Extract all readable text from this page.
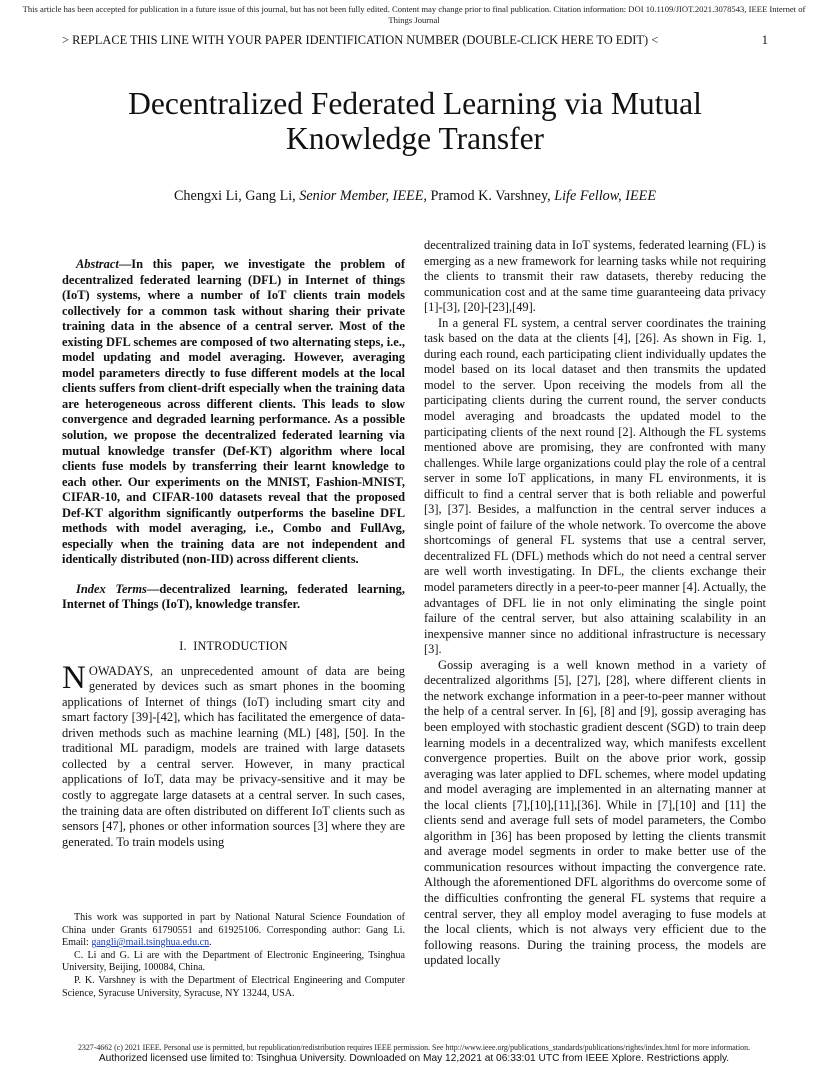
This article has been accepted for publication in a future issue of this journal, but has not been fully edited. Content may change prior to final publication. Citation information: DOI 10.1109/JIOT.2021.3078543, IEEE Internet of
Things Journal
> REPLACE THIS LINE WITH YOUR PAPER IDENTIFICATION NUMBER (DOUBLE-CLICK HERE TO EDIT) <	1
Decentralized Federated Learning via Mutual
Knowledge Transfer
Chengxi Li, Gang Li, Senior Member, IEEE, Pramod K. Varshney, Life Fellow, IEEE

Abstract—In this paper, we investigate the problem of decentralized federated learning (DFL) in Internet of things (IoT) systems, where a number of IoT clients train models collectively for a common task without sharing their private training data in the absence of a central server. Most of the existing DFL schemes are composed of two alternating steps, i.e., model updating and model averaging. However, averaging model parameters directly to fuse different models at the local clients suffers from client-drift especially when the training data are heterogeneous across different clients. This leads to slow convergence and degraded learning performance. As a possible solution, we propose the decentralized federated learning via mutual knowledge transfer (Def-KT) algorithm where local clients fuse models by transferring their learnt knowledge to each other. Our experiments on the MNIST, Fashion-MNIST, CIFAR-10, and CIFAR-100 datasets reveal that the proposed Def-KT algorithm significantly outperforms the baseline DFL methods with model averaging, i.e., Combo and FullAvg, especially when the training data are not independent and identically distributed (non-IID) across different clients.

Index Terms—decentralized learning, federated learning, Internet of Things (IoT), knowledge transfer.

I. INTRODUCTION

NOWADAYS, an unprecedented amount of data are being generated by devices such as smart phones in the booming applications of Internet of things (IoT) including smart city and smart factory [39]-[42], which has facilitated the emergence of data-driven methods such as machine learning (ML) [48], [50]. In the traditional ML paradigm, models are trained with large datasets collected by a central server. However, in many practical applications of IoT, data may be privacy-sensitive and it may be costly to aggregate large datasets at a central server. In such cases, the training data are often distributed on different IoT clients such as sensors [47], phones or other information sources [3] where they are generated. To train models using

This work was supported in part by National Natural Science Foundation of China under Grants 61790551 and 61925106. Corresponding author: Gang Li. Email: gangli@mail.tsinghua.edu.cn.

C. Li and G. Li are with the Department of Electronic Engineering, Tsinghua University, Beijing, 100084, China.

P. K. Varshney is with the Department of Electrical Engineering and Computer Science, Syracuse University, Syracuse, NY 13244, USA.

decentralized training data in IoT systems, federated learning (FL) is emerging as a new framework for learning tasks while not requiring the clients to transmit their raw datasets, thereby reducing the communication cost and at the same time guaranteeing data privacy [1]-[3], [20]-[23],[49].

In a general FL system, a central server coordinates the training task based on the data at the clients [4], [26]. As shown in Fig. 1, during each round, each participating client individually updates the model based on its local dataset and then transmits the updated model to the server. Upon receiving the models from all the participating clients during the current round, the server conducts model averaging and broadcasts the updated model to the participating clients of the next round [2]. Although the FL systems mentioned above are promising, they are confronted with many challenges. While large organizations could play the role of a central server in some IoT applications, in many FL environments, it is difficult to find a central server that is both reliable and powerful [3], [37]. Besides, a malfunction in the central server induces a single point of failure of the whole network. To overcome the above shortcomings of general FL systems that use a central server, decentralized FL (DFL) methods which do not need a central server are well worth investigating. In DFL, the clients exchange their model parameters directly in a peer-to-peer manner [4]. Actually, the advantages of DFL lie in not only eliminating the single point failure of the central server, but also attaining scalability in an inexpensive manner since no additional infrastructure is necessary [3].

Gossip averaging is a well known method in a variety of decentralized algorithms [5], [27], [28], where different clients in the network exchange information in a peer-to-peer manner without the help of a central server. In [6], [8] and [9], gossip averaging has been employed with stochastic gradient descent (SGD) to train deep learning models in a decentralized way, which manifests excellent convergence properties. Built on the above prior work, gossip averaging was later applied to DFL schemes, where model updating and model averaging are implemented in an alternating manner at the local clients [7],[10],[11],[36]. While in [7],[10] and [11] the clients send and average full sets of model parameters, the Combo algorithm in [36] has been proposed by letting the clients transmit and average model segments in order to make better use of the communication resources without impacting the convergence rate. Although the aforementioned DFL algorithms do overcome some of the difficulties confronting the general FL systems that require a central server, they all employ model averaging to fuse models at the local clients, which is not always very efficient due to the following reasons. During the training process, the models are updated locally

2327-4662 (c) 2021 IEEE. Personal use is permitted, but republication/redistribution requires IEEE permission. See http://www.ieee.org/publications_standards/publications/rights/index.html for more information.
Authorized licensed use limited to: Tsinghua University. Downloaded on May 12,2021 at 06:33:01 UTC from IEEE Xplore. Restrictions apply.
